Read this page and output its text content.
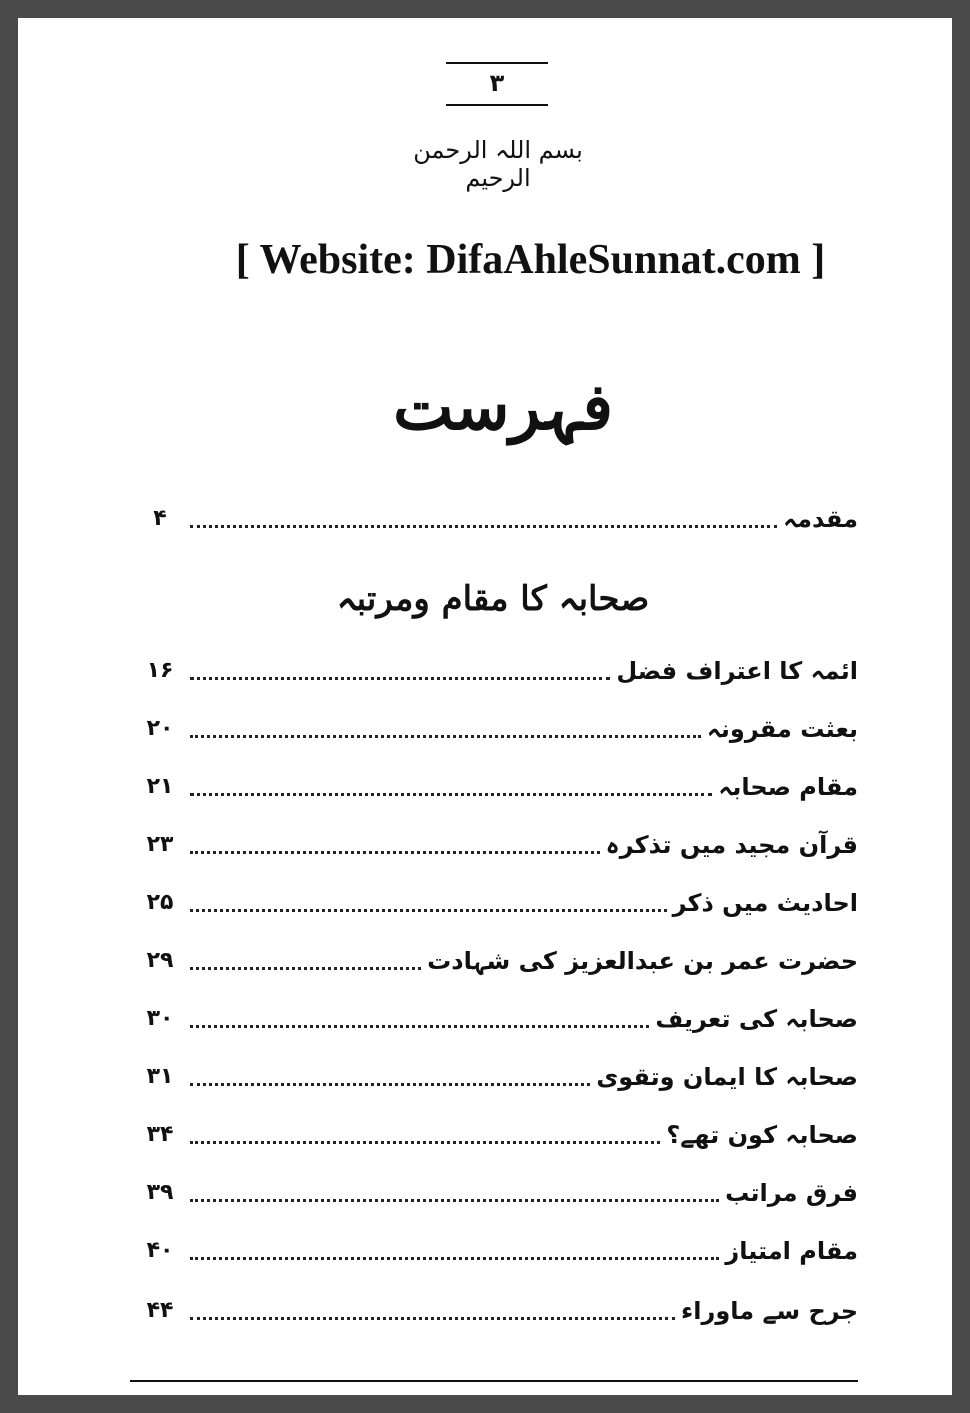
۳
بسم اللہ الرحمن الرحیم
[ Website: DifaAhleSunnat.com ]
فہرست
مقدمہ
۴
صحابہ کا مقام ومرتبہ
ائمہ کا اعتراف فضل
۱۶
بعثت مقرونہ
۲۰
مقام صحابہ
۲۱
قرآن مجید میں تذکرہ
۲۳
احادیث میں ذکر
۲۵
حضرت عمر بن عبدالعزیز کی شہادت
۲۹
صحابہ کی تعریف
۳۰
صحابہ کا ایمان وتقوی
۳۱
صحابہ کون تھے؟
۳۴
فرق مراتب
۳۹
مقام امتیاز
۴۰
جرح سے ماوراء
۴۴
